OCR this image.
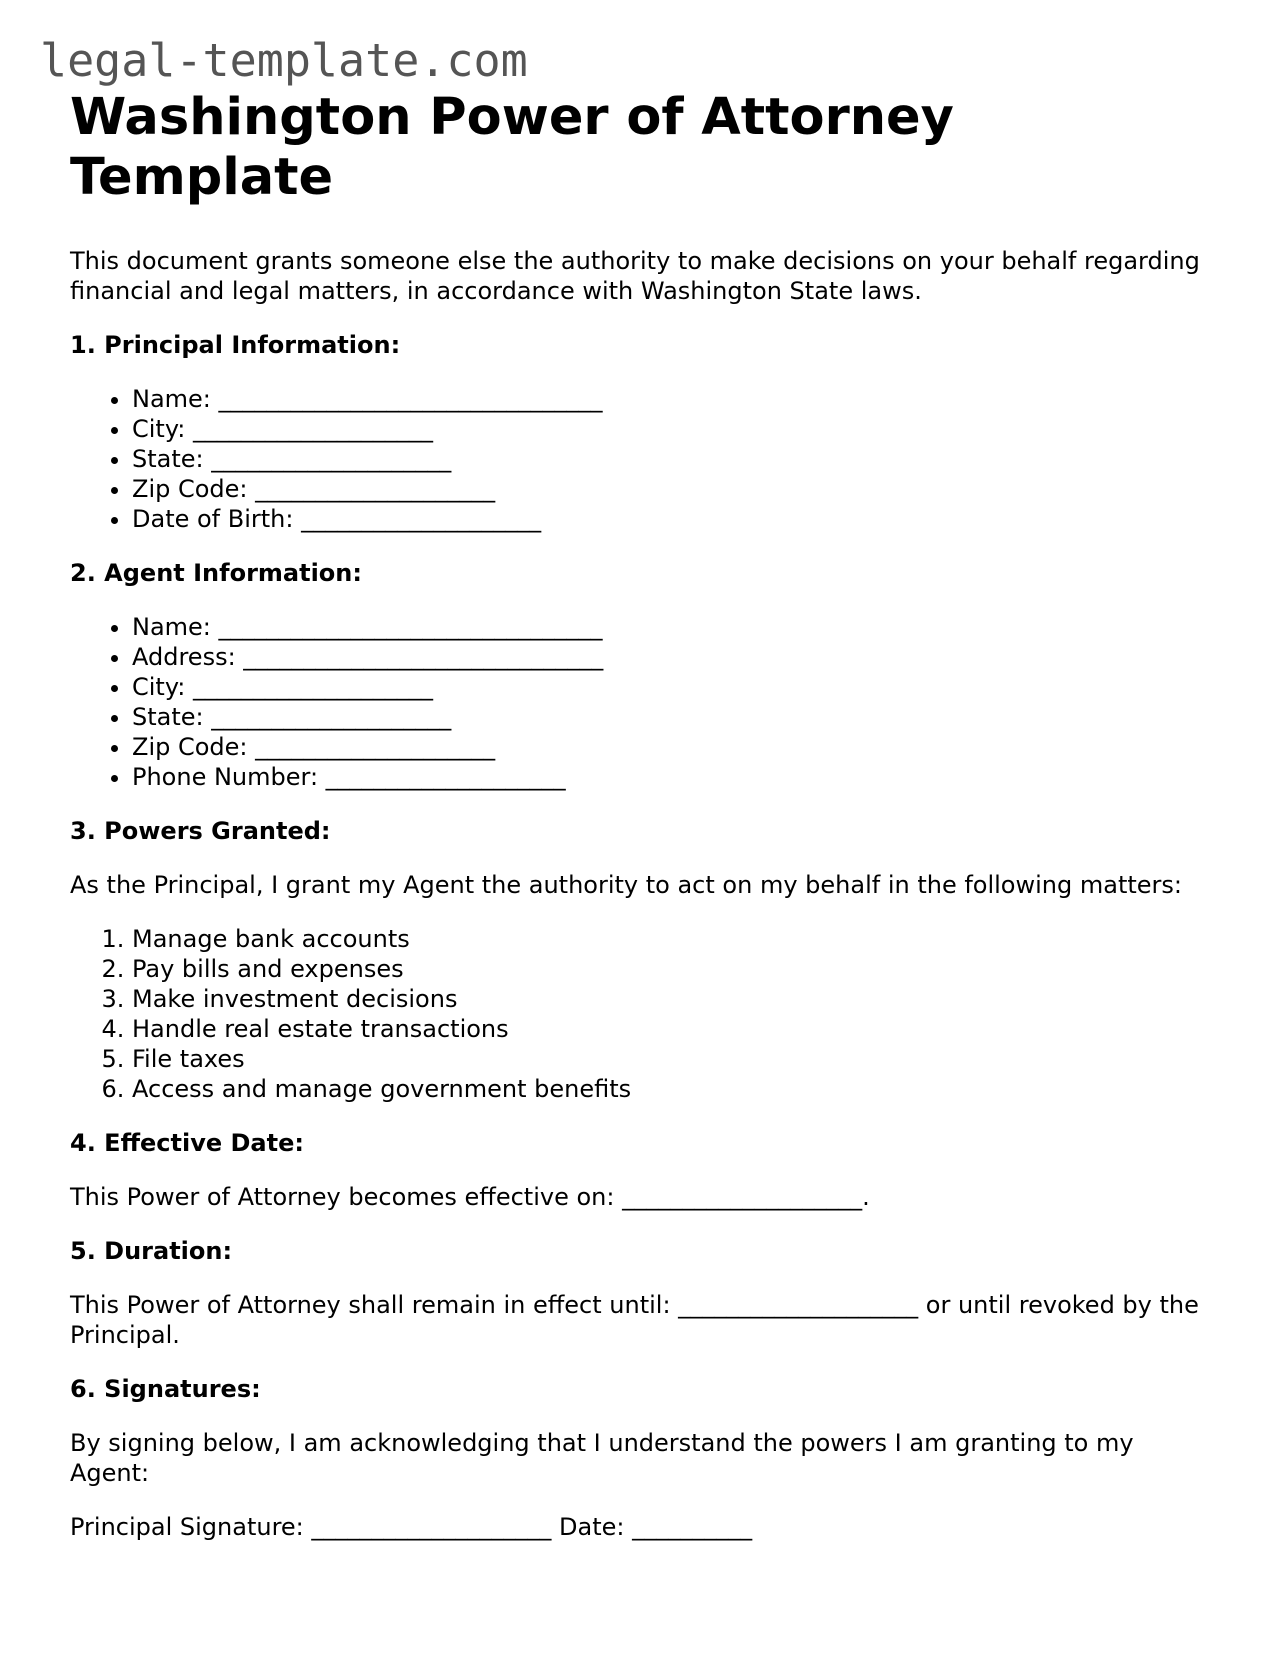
legal-template.com
Washington Power of Attorney Template

This document grants someone else the authority to make decisions on your behalf regarding financial and legal matters, in accordance with Washington State laws.

1. Principal Information:
• Name: ________________________________
• City: ____________________
• State: ____________________
• Zip Code: ____________________
• Date of Birth: ____________________
2. Agent Information:
• Name: ________________________________
• Address: ______________________________
• City: ____________________
• State: ____________________
• Zip Code: ____________________
• Phone Number: ____________________
3. Powers Granted:

As the Principal, I grant my Agent the authority to act on my behalf in the following matters:

1. Manage bank accounts
2. Pay bills and expenses
3. Make investment decisions
4. Handle real estate transactions
5. File taxes
6. Access and manage government benefits
4. Effective Date:

This Power of Attorney becomes effective on: ____________________.

5. Duration:

This Power of Attorney shall remain in effect until: ____________________ or until revoked by the Principal.

6. Signatures:

By signing below, I am acknowledging that I understand the powers I am granting to my Agent:

Principal Signature: ____________________ Date: __________
